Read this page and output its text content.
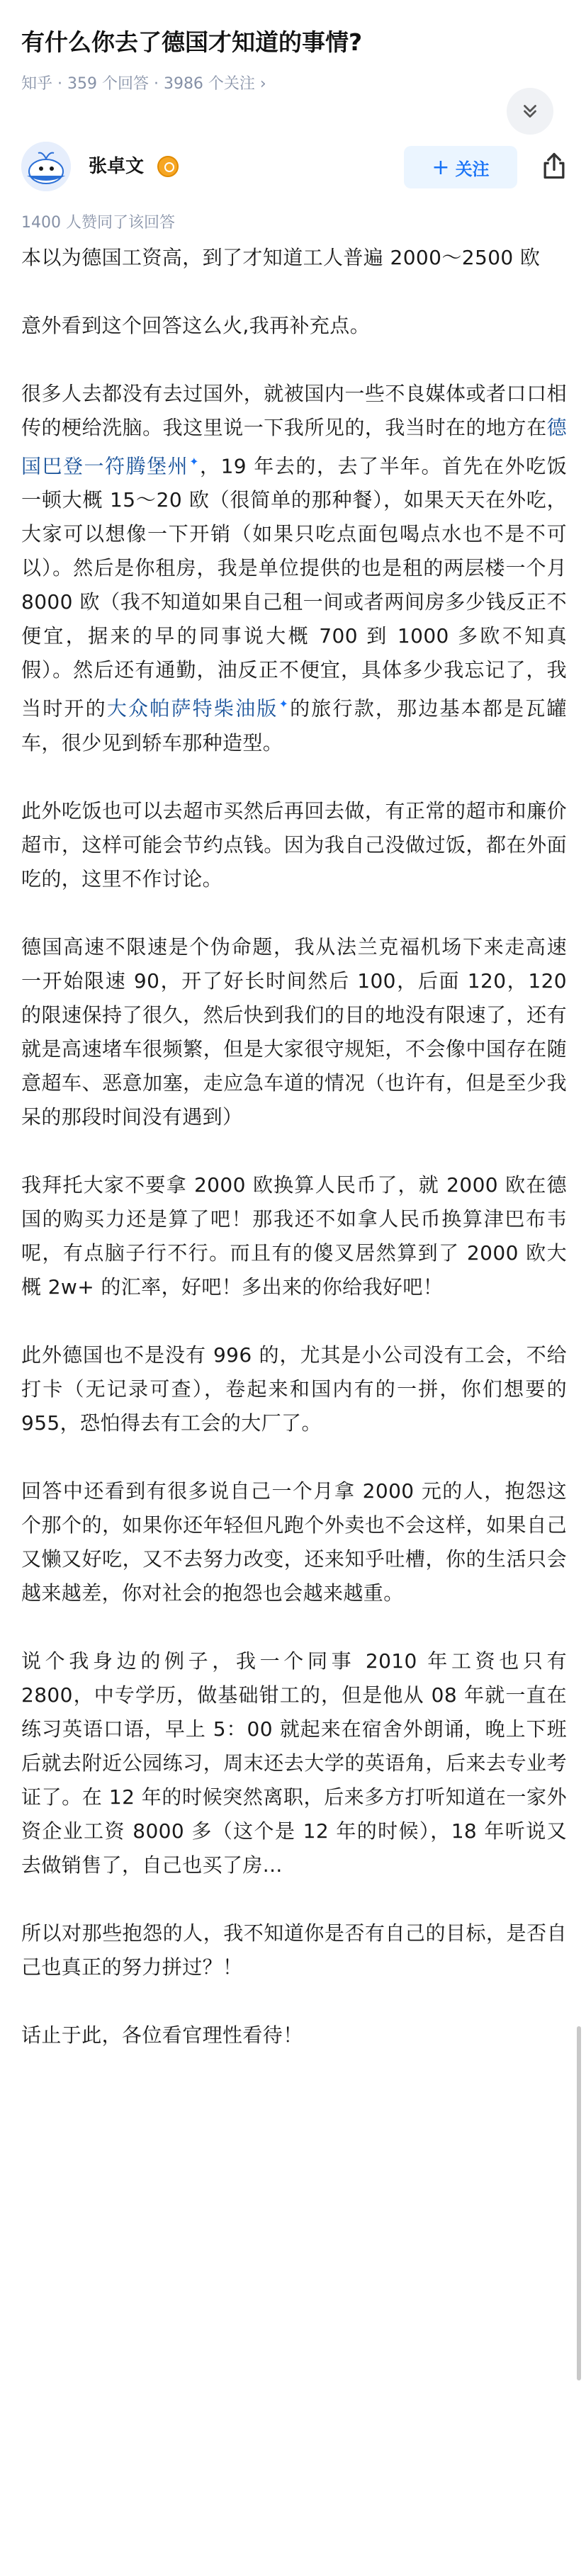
有什么你去了德国才知道的事情?
知乎 · 359 个回答 · 3986 个关注 ›
张卓文	+ 关注
1400 人赞同了该回答

本以为德国工资高，到了才知道工人普遍 2000～2500 欧

意外看到这个回答这么火,我再补充点。

很多人去都没有去过国外，就被国内一些不良媒体或者口口相传的梗给洗脑。我这里说一下我所见的，我当时在的地方在德国巴登一符腾堡州✦，19 年去的，去了半年。首先在外吃饭一顿大概 15～20 欧（很简单的那种餐），如果天天在外吃，大家可以想像一下开销（如果只吃点面包喝点水也不是不可以）。然后是你租房，我是单位提供的也是租的两层楼一个月 8000 欧（我不知道如果自己租一间或者两间房多少钱反正不便宜，据来的早的同事说大概 700 到 1000 多欧不知真假）。然后还有通勤，油反正不便宜，具体多少我忘记了，我当时开的大众帕萨特柴油版✦的旅行款，那边基本都是瓦罐车，很少见到轿车那种造型。

此外吃饭也可以去超市买然后再回去做，有正常的超市和廉价超市，这样可能会节约点钱。因为我自己没做过饭，都在外面吃的，这里不作讨论。

德国高速不限速是个伪命题，我从法兰克福机场下来走高速 一开始限速 90，开了好长时间然后 100，后面 120，120 的限速保持了很久，然后快到我们的目的地没有限速了，还有就是高速堵车很频繁，但是大家很守规矩，不会像中国存在随意超车、恶意加塞，走应急车道的情况（也许有，但是至少我呆的那段时间没有遇到）

我拜托大家不要拿 2000 欧换算人民币了，就 2000 欧在德国的购买力还是算了吧！那我还不如拿人民币换算津巴布韦呢，有点脑子行不行。而且有的傻叉居然算到了 2000 欧大概 2w+ 的汇率，好吧！多出来的你给我好吧！

此外德国也不是没有 996 的，尤其是小公司没有工会，不给打卡（无记录可查），卷起来和国内有的一拼，你们想要的 955，恐怕得去有工会的大厂了。

回答中还看到有很多说自己一个月拿 2000 元的人，抱怨这个那个的，如果你还年轻但凡跑个外卖也不会这样，如果自己又懒又好吃，又不去努力改变，还来知乎吐槽，你的生活只会越来越差，你对社会的抱怨也会越来越重。

说个我身边的例子，我一个同事 2010 年工资也只有 2800，中专学历，做基础钳工的，但是他从 08 年就一直在练习英语口语，早上 5：00 就起来在宿舍外朗诵，晚上下班后就去附近公园练习，周末还去大学的英语角，后来去专业考证了。在 12 年的时候突然离职，后来多方打听知道在一家外资企业工资 8000 多（这个是 12 年的时候），18 年听说又去做销售了，自己也买了房...

所以对那些抱怨的人，我不知道你是否有自己的目标，是否自己也真正的努力拼过？！

话止于此，各位看官理性看待！
